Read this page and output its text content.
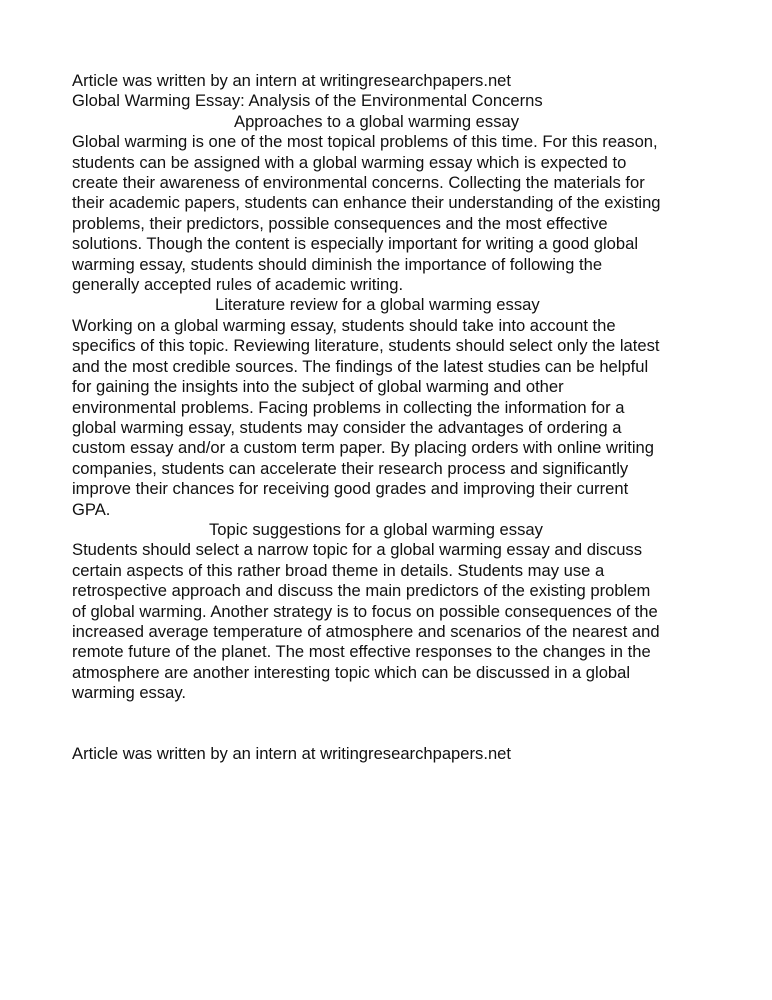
Article was written by an intern at writingresearchpapers.net
Global Warming Essay: Analysis of the Environmental Concerns
Approaches to a global warming essay
Global warming is one of the most topical problems of this time. For this reason,
students can be assigned with a global warming essay which is expected to
create their awareness of environmental concerns. Collecting the materials for
their academic papers, students can enhance their understanding of the existing
problems, their predictors, possible consequences and the most effective
solutions. Though the content is especially important for writing a good global
warming essay, students should diminish the importance of following the
generally accepted rules of academic writing.
Literature review for a global warming essay
Working on a global warming essay, students should take into account the
specifics of this topic. Reviewing literature, students should select only the latest
and the most credible sources. The findings of the latest studies can be helpful
for gaining the insights into the subject of global warming and other
environmental problems. Facing problems in collecting the information for a
global warming essay, students may consider the advantages of ordering a
custom essay and/or a custom term paper. By placing orders with online writing
companies, students can accelerate their research process and significantly
improve their chances for receiving good grades and improving their current
GPA.
Topic suggestions for a global warming essay
Students should select a narrow topic for a global warming essay and discuss
certain aspects of this rather broad theme in details. Students may use a
retrospective approach and discuss the main predictors of the existing problem
of global warming. Another strategy is to focus on possible consequences of the
increased average temperature of atmosphere and scenarios of the nearest and
remote future of the planet. The most effective responses to the changes in the
atmosphere are another interesting topic which can be discussed in a global
warming essay.
Article was written by an intern at writingresearchpapers.net
